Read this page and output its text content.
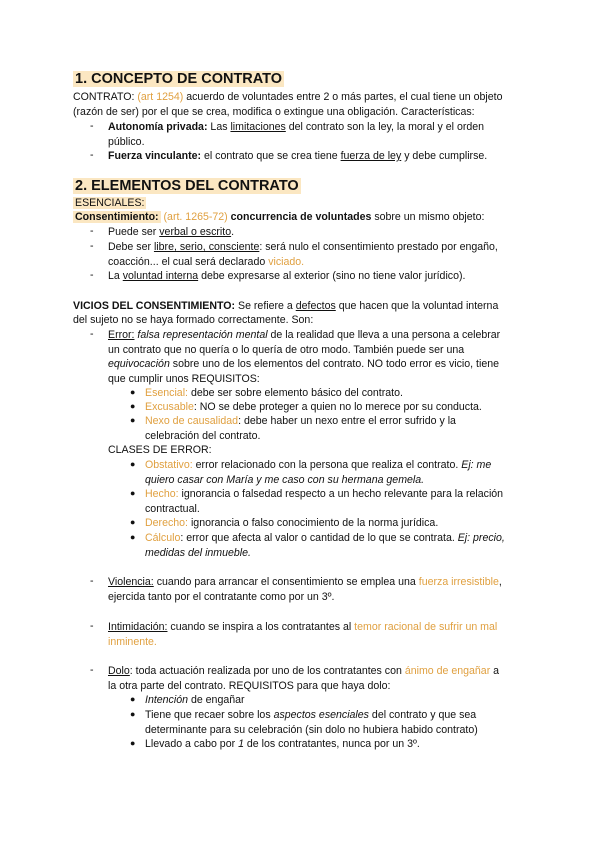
1. CONCEPTO DE CONTRATO
CONTRATO: (art 1254) acuerdo de voluntades entre 2 o más partes, el cual tiene un objeto
(razón de ser) por el que se crea, modifica o extingue una obligación. Características:
- Autonomía privada: Las limitaciones del contrato son la ley, la moral y el orden
público.
- Fuerza vinculante: el contrato que se crea tiene fuerza de ley y debe cumplirse.
2. ELEMENTOS DEL CONTRATO
ESENCIALES:
Consentimiento: (art. 1265-72) concurrencia de voluntades sobre un mismo objeto:
- Puede ser verbal o escrito.
- Debe ser libre, serio, consciente: será nulo el consentimiento prestado por engaño,
coacción... el cual será declarado viciado.
- La voluntad interna debe expresarse al exterior (sino no tiene valor jurídico).
VICIOS DEL CONSENTIMIENTO: Se refiere a defectos que hacen que la voluntad interna
del sujeto no se haya formado correctamente. Son:
- Error: falsa representación mental de la realidad que lleva a una persona a celebrar
un contrato que no quería o lo quería de otro modo. También puede ser una
equivocación sobre uno de los elementos del contrato. NO todo error es vicio, tiene
que cumplir unos REQUISITOS:
● Esencial: debe ser sobre elemento básico del contrato.
● Excusable: NO se debe proteger a quien no lo merece por su conducta.
● Nexo de causalidad: debe haber un nexo entre el error sufrido y la
celebración del contrato.
CLASES DE ERROR:
● Obstativo: error relacionado con la persona que realiza el contrato. Ej: me
quiero casar con María y me caso con su hermana gemela.
● Hecho: ignorancia o falsedad respecto a un hecho relevante para la relación
contractual.
● Derecho: ignorancia o falso conocimiento de la norma jurídica.
● Cálculo: error que afecta al valor o cantidad de lo que se contrata. Ej: precio,
medidas del inmueble.
- Violencia: cuando para arrancar el consentimiento se emplea una fuerza irresistible,
ejercida tanto por el contratante como por un 3º.
- Intimidación: cuando se inspira a los contratantes al temor racional de sufrir un mal
inminente.
- Dolo: toda actuación realizada por uno de los contratantes con ánimo de engañar a
la otra parte del contrato. REQUISITOS para que haya dolo:
● Intención de engañar
● Tiene que recaer sobre los aspectos esenciales del contrato y que sea
determinante para su celebración (sin dolo no hubiera habido contrato)
● Llevado a cabo por 1 de los contratantes, nunca por un 3º.
